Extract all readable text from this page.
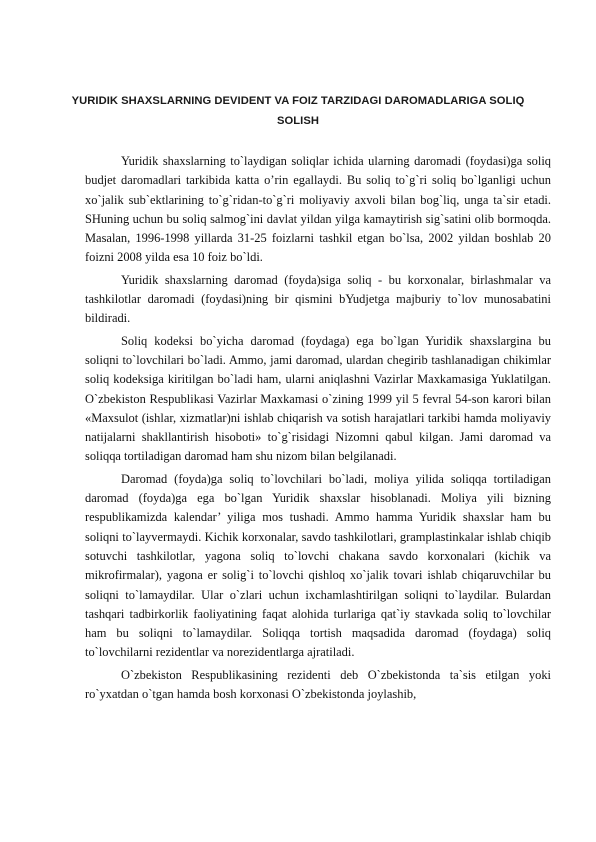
YURIDIK SHAXSLARNING DEVIDENT VA FOIZ TARZIDAGI DAROMADLARIGA SOLIQ SOLISH

Yuridik shaxslarning to`laydigan soliqlar ichida ularning daromadi (foydasi)ga soliq budjet daromadlari tarkibida katta o’rin egallaydi. Bu soliq to`g`ri soliq bo`lganligi uchun xo`jalik sub`ektlarining to`g`ridan-to`g`ri moliyaviy axvoli bilan bog`liq, unga ta`sir etadi. SHuning uchun bu soliq salmog`ini davlat yildan yilga kamaytirish sig`satini olib bormoqda. Masalan, 1996-1998 yillarda 31-25 foizlarni tashkil etgan bo`lsa, 2002 yildan boshlab 20 foizni 2008 yilda esa 10 foiz bo`ldi.

Yuridik shaxslarning daromad (foyda)siga soliq - bu korxonalar, birlashmalar va tashkilotlar daromadi (foydasi)ning bir qismini bYudjetga majburiy to`lov munosabatini bildiradi.

Soliq kodeksi bo`yicha daromad (foydaga) ega bo`lgan Yuridik shaxslargina bu soliqni to`lovchilari bo`ladi. Ammo, jami daromad, ulardan chegirib tashlanadigan chikimlar soliq kodeksiga kiritilgan bo`ladi ham, ularni aniqlashni Vazirlar Maxkamasiga Yuklatilgan. O`zbekiston Respublikasi Vazirlar Maxkamasi o`zining 1999 yil 5 fevral 54-son karori bilan «Maxsulot (ishlar, xizmatlar)ni ishlab chiqarish va sotish harajatlari tarkibi hamda moliyaviy natijalarni shakllantirish hisoboti» to`g`risidagi Nizomni qabul kilgan. Jami daromad va soliqqa tortiladigan daromad ham shu nizom bilan belgilanadi.

Daromad (foyda)ga soliq to`lovchilari bo`ladi, moliya yilida soliqqa tortiladigan daromad (foyda)ga ega bo`lgan Yuridik shaxslar hisoblanadi. Moliya yili bizning respublikamizda kalendar’ yiliga mos tushadi. Ammo hamma Yuridik shaxslar ham bu soliqni to`layvermaydi. Kichik korxonalar, savdo tashkilotlari, gramplastinkalar ishlab chiqib sotuvchi tashkilotlar, yagona soliq to`lovchi chakana savdo korxonalari (kichik va mikrofirmalar), yagona er solig`i to`lovchi qishloq xo`jalik tovari ishlab chiqaruvchilar bu soliqni to`lamaydilar. Ular o`zlari uchun ixchamlashtirilgan soliqni to`laydilar. Bulardan tashqari tadbirkorlik faoliyatining faqat alohida turlariga qat`iy stavkada soliq to`lovchilar ham bu soliqni to`lamaydilar. Soliqqa tortish maqsadida daromad (foydaga) soliq to`lovchilarni rezidentlar va norezidentlarga ajratiladi.

O`zbekiston Respublikasining rezidenti deb O`zbekistonda ta`sis etilgan yoki ro`yxatdan o`tgan hamda bosh korxonasi O`zbekistonda joylashib,
